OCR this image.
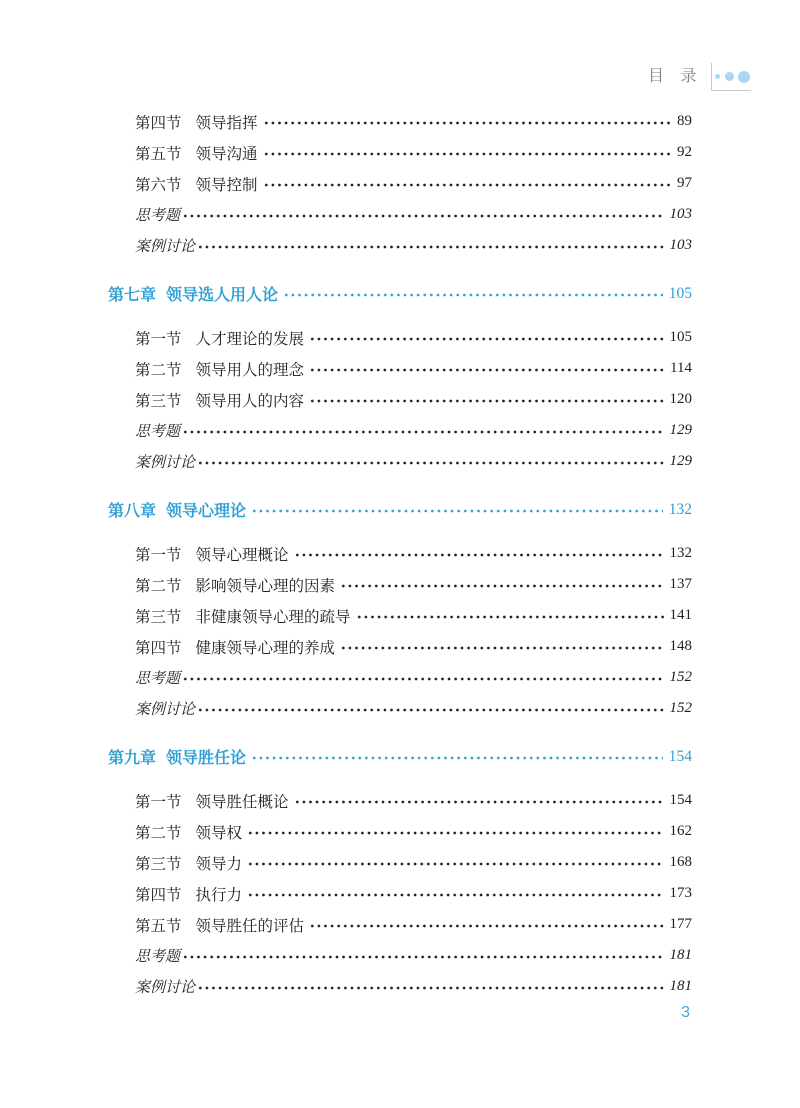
目 录
第四节 领导指挥	89
第五节 领导沟通	92
第六节 领导控制	97
思考题	103
案例讨论	103
第七章 领导选人用人论	105
第一节 人才理论的发展	105
第二节 领导用人的理念	114
第三节 领导用人的内容	120
思考题	129
案例讨论	129
第八章 领导心理论	132
第一节 领导心理概论	132
第二节 影响领导心理的因素	137
第三节 非健康领导心理的疏导	141
第四节 健康领导心理的养成	148
思考题	152
案例讨论	152
第九章 领导胜任论	154
第一节 领导胜任概论	154
第二节 领导权	162
第三节 领导力	168
第四节 执行力	173
第五节 领导胜任的评估	177
思考题	181
案例讨论	181
3
